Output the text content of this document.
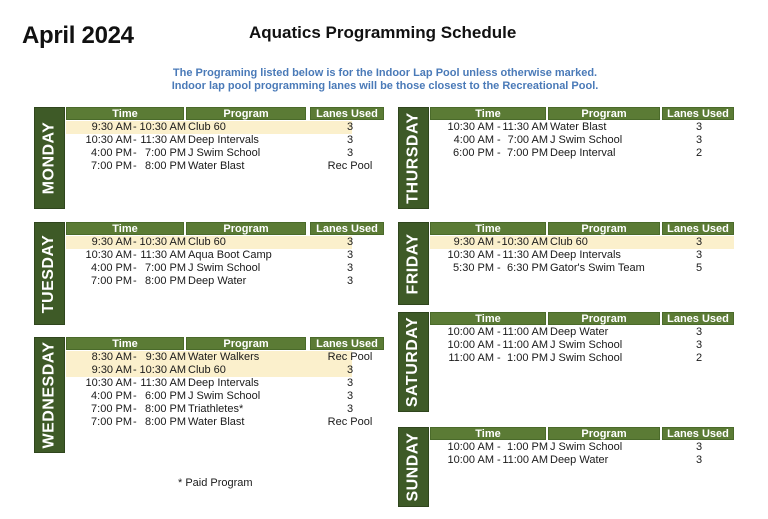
April 2024	Aquatics Programming Schedule
The Programing listed below is for the Indoor Lap Pool unless otherwise marked.
Indoor lap pool programming lanes will be those closest to the Recreational Pool.
MONDAY
Time	Program	Lanes Used
9:30 AM - 10:30 AM Club 60	3
10:30 AM - 11:30 AM Deep Intervals	3
4:00 PM - 7:00 PM J Swim School	3
7:00 PM - 8:00 PM Water Blast	Rec Pool
TUESDAY
Time	Program	Lanes Used
9:30 AM - 10:30 AM Club 60	3
10:30 AM - 11:30 AM Aqua Boot Camp	3
4:00 PM - 7:00 PM J Swim School	3
7:00 PM - 8:00 PM Deep Water	3
WEDNESDAY	Time	Program	Lanes Used
8:30 AM - 9:30 AM Water Walkers	Rec Pool
9:30 AM - 10:30 AM Club 60	3
10:30 AM - 11:30 AM Deep Intervals	3
4:00 PM - 6:00 PM J Swim School	3
7:00 PM - 8:00 PM Triathletes*	3
7:00 PM - 8:00 PM Water Blast	Rec Pool
THURSDAY	Time	Program	Lanes Used
10:30 AM - 11:30 AM Water Blast	3
4:00 AM - 7:00 AM J Swim School	3
6:00 PM - 7:00 PM Deep Interval	2
FRIDAY
Time	Program	Lanes Used
9:30 AM - 10:30 AM Club 60	3
10:30 AM - 11:30 AM Deep Intervals	3
5:30 PM - 6:30 PM Gator's Swim Team	5
SATURDAY	Time	Program	Lanes Used
10:00 AM - 11:00 AM Deep Water	3
10:00 AM - 11:00 AM J Swim School	3
11:00 AM - 1:00 PM J Swim School	2
SUNDAY	Time	Program	Lanes Used
10:00 AM - 1:00 PM J Swim School	3
10:00 AM - 11:00 AM Deep Water	3
* Paid Program
